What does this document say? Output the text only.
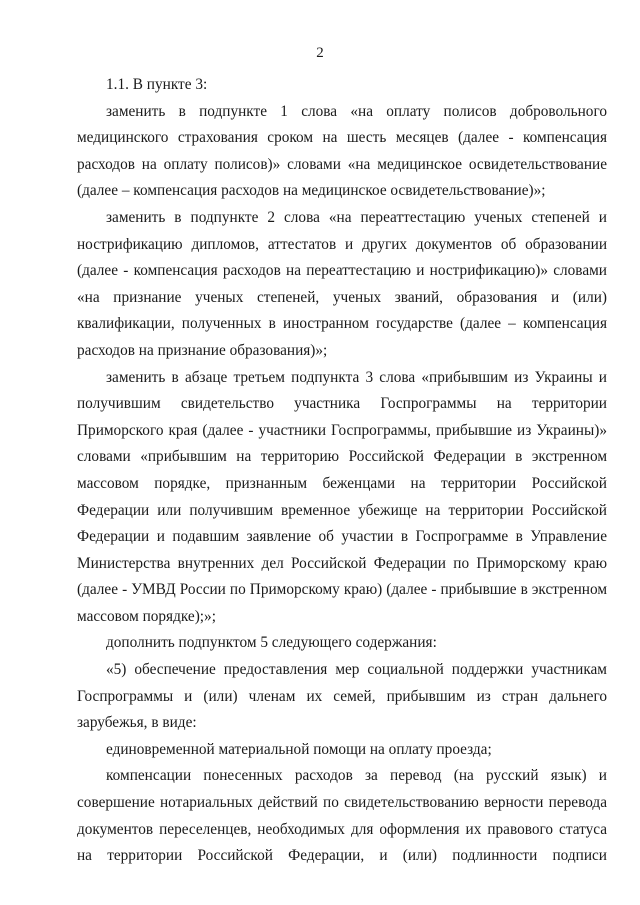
2

1.1. В пункте 3:

заменить в подпункте 1 слова «на оплату полисов добровольного
медицинского страхования сроком на шесть месяцев (далее - компенсация
расходов на оплату полисов)» словами «на медицинское освидетельствование
(далее – компенсация расходов на медицинское освидетельствование)»;

заменить в подпункте 2 слова «на переаттестацию ученых степеней и
нострификацию дипломов, аттестатов и других документов об образовании
(далее - компенсация расходов на переаттестацию и нострификацию)» словами
«на признание ученых степеней, ученых званий, образования и (или)
квалификации, полученных в иностранном государстве (далее – компенсация
расходов на признание образования)»;

заменить в абзаце третьем подпункта 3 слова «прибывшим из Украины и
получившим свидетельство участника Госпрограммы на территории
Приморского края (далее - участники Госпрограммы, прибывшие из Украины)»
словами «прибывшим на территорию Российской Федерации в экстренном
массовом порядке, признанным беженцами на территории Российской
Федерации или получившим временное убежище на территории Российской
Федерации и подавшим заявление об участии в Госпрограмме в Управление
Министерства внутренних дел Российской Федерации по Приморскому краю
(далее - УМВД России по Приморскому краю) (далее - прибывшие в экстренном
массовом порядке);»;

дополнить подпунктом 5 следующего содержания:

«5) обеспечение предоставления мер социальной поддержки участникам
Госпрограммы и (или) членам их семей, прибывшим из стран дальнего
зарубежья, в виде:

единовременной материальной помощи на оплату проезда;

компенсации понесенных расходов за перевод (на русский язык) и
совершение нотариальных действий по свидетельствованию верности перевода
документов переселенцев, необходимых для оформления их правового статуса
на территории Российской Федерации, и (или) подлинности подписи
